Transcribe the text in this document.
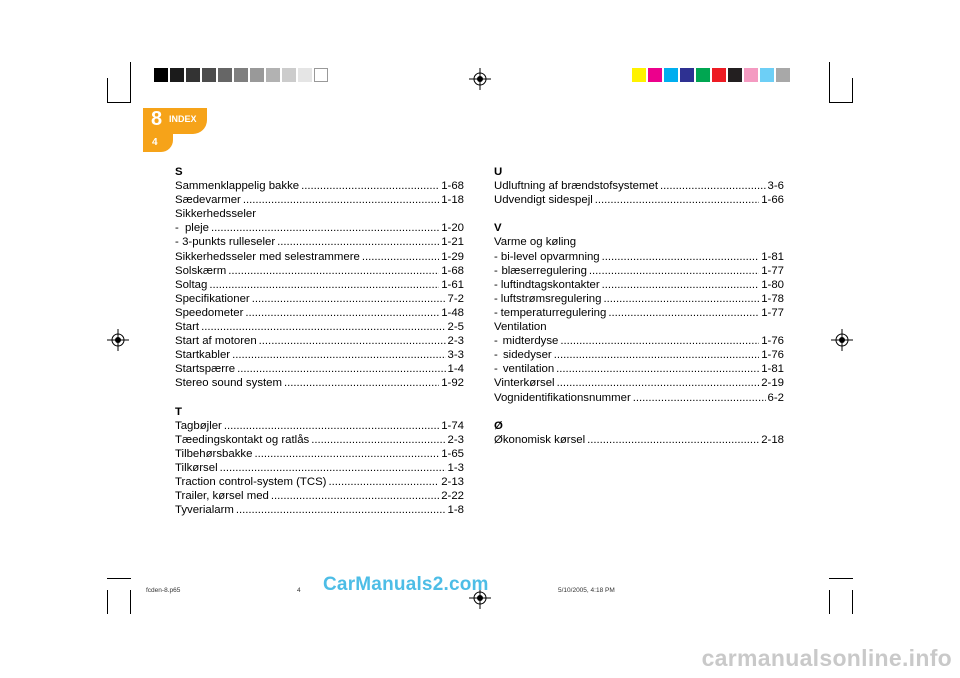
8 INDEX
4
S
Sammenklappelig bakke . . .	1-68
Sædevarmer . . .	1-18
Sikkerhedsseler
- pleje . . .	1-20
- 3-punkts rulleseler . . .	1-21
Sikkerhedsseler med selestrammere . . .	1-29
Solskærm . . .	1-68
Soltag . . .	1-61
Specifikationer . . .	7-2
Speedometer . . .	1-48
Start . . .	2-5
Start af motoren . . .	2-3
Startkabler . . .	3-3
Startspærre . . .	1-4
Stereo sound system . . .	1-92
T
Tagbøjler . . .	1-74
Tæedingskontakt og ratlås . . .	2-3
Tilbehørsbakke . . .	1-65
Tilkørsel . . .	1-3
Traction control-system (TCS) . . .	2-13
Trailer, kørsel med . . .	2-22
Tyverialarm . . .	1-8
U
Udluftning af brændstofsystemet . . .	3-6
Udvendigt sidespejl . . .	1-66
V
Varme og køling
- bi-level opvarmning . . .	1-81
- blæserregulering . . .	1-77
- luftindtagskontakter . . .	1-80
- luftstrømsregulering . . .	1-78
- temperaturregulering . . .	1-77
Ventilation
- midterdyse . . .	1-76
- sidedyser . . .	1-76
- ventilation . . .	1-81
Vinterkørsel . . .	2-19
Vognidentifikationsnummer . . .	6-2
Ø
Økonomisk kørsel . . .	2-18
fcden-8.p65	4	5/10/2005, 4:18 PM
CarManuals2.com
carmanualsonline.info
